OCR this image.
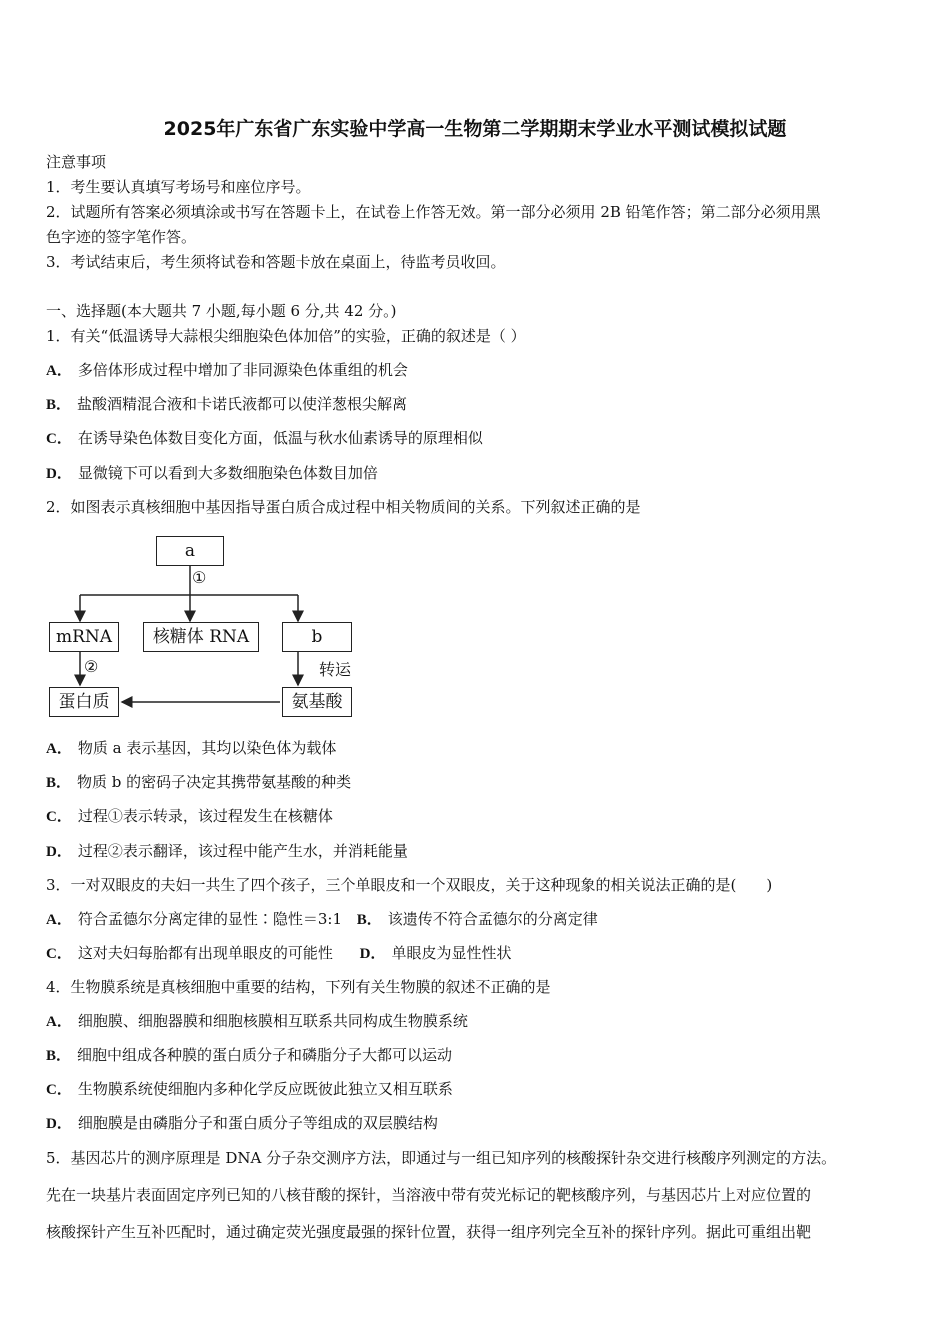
2025年广东省广东实验中学高一生物第二学期期末学业水平测试模拟试题
注意事项
1．考生要认真填写考场号和座位序号。
2．试题所有答案必须填涂或书写在答题卡上，在试卷上作答无效。第一部分必须用 2B 铅笔作答；第二部分必须用黑
色字迹的签字笔作答。
3．考试结束后，考生须将试卷和答题卡放在桌面上，待监考员收回。
一、选择题(本大题共 7 小题,每小题 6 分,共 42 分。)
1．有关“低温诱导大蒜根尖细胞染色体加倍”的实验，正确的叙述是（ ）
A． 多倍体形成过程中增加了非同源染色体重组的机会
B． 盐酸酒精混合液和卡诺氏液都可以使洋葱根尖解离
C． 在诱导染色体数目变化方面，低温与秋水仙素诱导的原理相似
D． 显微镜下可以看到大多数细胞染色体数目加倍
2．如图表示真核细胞中基因指导蛋白质合成过程中相关物质间的关系。下列叙述正确的是
a
①
mRNA	核糖体 RNA	b
②	转运
蛋白质	氨基酸
A． 物质 a 表示基因，其均以染色体为载体
B． 物质 b 的密码子决定其携带氨基酸的种类
C． 过程①表示转录，该过程发生在核糖体
D． 过程②表示翻译，该过程中能产生水，并消耗能量
3．一对双眼皮的夫妇一共生了四个孩子，三个单眼皮和一个双眼皮，关于这种现象的相关说法正确的是(　　)
A． 符合孟德尔分离定律的显性∶隐性＝3:1 B． 该遗传不符合孟德尔的分离定律
C． 这对夫妇每胎都有出现单眼皮的可能性 D． 单眼皮为显性性状
4．生物膜系统是真核细胞中重要的结构，下列有关生物膜的叙述不正确的是
A． 细胞膜、细胞器膜和细胞核膜相互联系共同构成生物膜系统
B． 细胞中组成各种膜的蛋白质分子和磷脂分子大都可以运动
C． 生物膜系统使细胞内多种化学反应既彼此独立又相互联系
D． 细胞膜是由磷脂分子和蛋白质分子等组成的双层膜结构
5．基因芯片的测序原理是 DNA 分子杂交测序方法，即通过与一组已知序列的核酸探针杂交进行核酸序列测定的方法。
先在一块基片表面固定序列已知的八核苷酸的探针，当溶液中带有荧光标记的靶核酸序列，与基因芯片上对应位置的
核酸探针产生互补匹配时，通过确定荧光强度最强的探针位置，获得一组序列完全互补的探针序列。据此可重组出靶
